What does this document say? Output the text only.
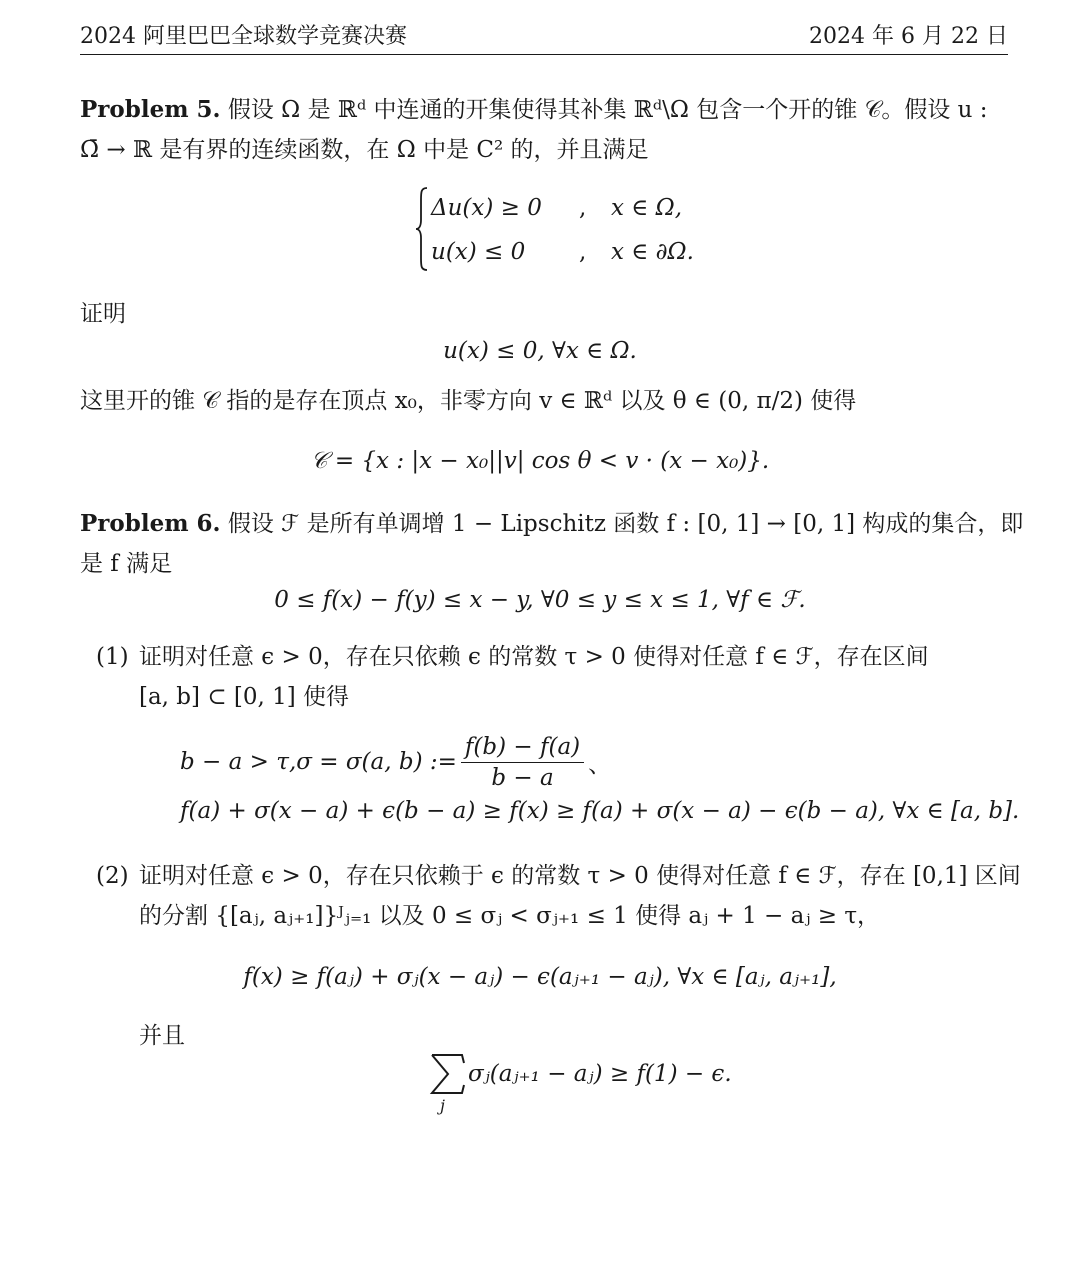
2024 阿里巴巴全球数学竞赛决赛	2024 年 6 月 22 日
Problem 5. 假设 Ω 是 ℝᵈ 中连通的开集使得其补集 ℝᵈ\Ω 包含一个开的锥 𝒞。假设 u :
Ω̄ → ℝ 是有界的连续函数，在 Ω 中是 C² 的，并且满足
Δu(x) ≥ 0 , x ∈ Ω,
u(x) ≤ 0 , x ∈ ∂Ω.
证明
u(x) ≤ 0, ∀x ∈ Ω.
这里开的锥 𝒞 指的是存在顶点 x₀，非零方向 v ∈ ℝᵈ 以及 θ ∈ (0, π/2) 使得
𝒞 = {x : |x − x₀||v| cos θ < v · (x − x₀)}.
Problem 6. 假设 ℱ 是所有单调增 1 − Lipschitz 函数 f : [0, 1] → [0, 1] 构成的集合，即
是 f 满足
0 ≤ f(x) − f(y) ≤ x − y, ∀0 ≤ y ≤ x ≤ 1, ∀f ∈ ℱ.
(1) 证明对任意 ϵ > 0，存在只依赖 ϵ 的常数 τ > 0 使得对任意 f ∈ ℱ，存在区间
[a, b] ⊂ [0, 1] 使得
b − a > τ,σ = σ(a, b) := $\frac{f(b) - f(a)}{b - a}$ 、
f(a) + σ(x − a) + ϵ(b − a) ≥ f(x) ≥ f(a) + σ(x − a) − ϵ(b − a), ∀x ∈ [a, b].
(2) 证明对任意 ϵ > 0，存在只依赖于 ϵ 的常数 τ > 0 使得对任意 f ∈ ℱ，存在 [0,1] 区间
的分割 {[aⱼ, aⱼ₊₁]}ᴶⱼ₌₁ 以及 0 ≤ σⱼ < σⱼ₊₁ ≤ 1 使得 aⱼ + 1 − aⱼ ≥ τ，
f(x) ≥ f(aⱼ) + σⱼ(x − aⱼ) − ϵ(aⱼ₊₁ − aⱼ), ∀x ∈ [aⱼ, aⱼ₊₁],
并且
j
σⱼ(aⱼ₊₁ − aⱼ) ≥ f(1) − ϵ.
